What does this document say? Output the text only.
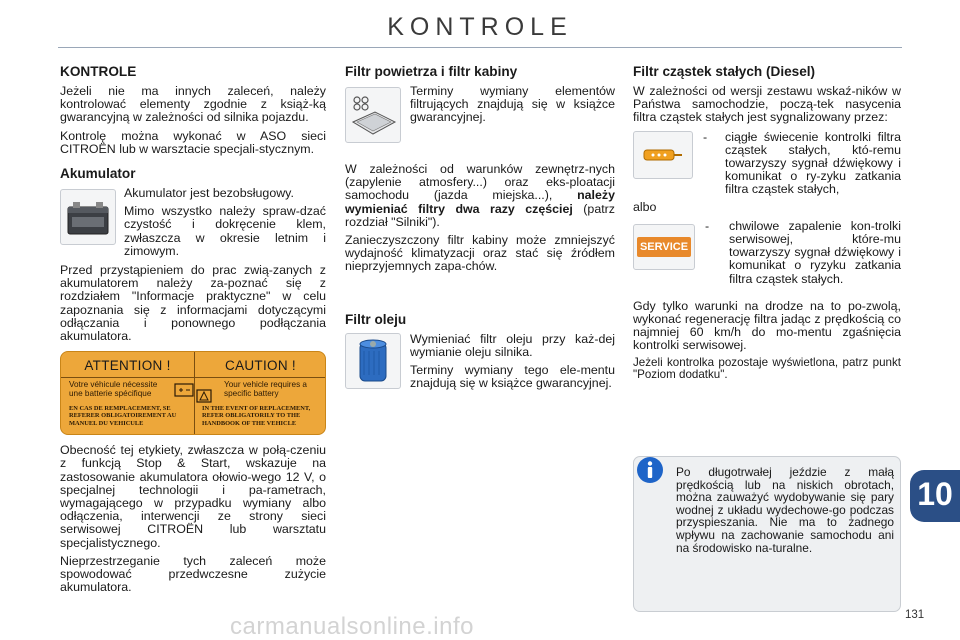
KONTROLE
KONTROLE

Jeżeli nie ma innych zaleceń, należy kontrolować elementy zgodnie z książ-ką gwarancyjną w zależności od silnika pojazdu.

Kontrolę można wykonać w ASO sieci CITROËN lub w warsztacie specjali-stycznym.

Akumulator

Akumulator jest bezobsługowy.

Mimo wszystko należy spraw-dzać czystość i dokręcenie klem, zwłaszcza w okresie letnim i zimowym.

Przed przystąpieniem do prac zwią-zanych z akumulatorem należy za-poznać się z rozdziałem "Informacje praktyczne" w celu zapoznania się z informacjami dotyczącymi odłączania i ponownego podłączania akumulatora.

ATTENTION !
Votre véhicule nécessite une batterie spécifique
EN CAS DE REMPLACEMENT, SE REFERER OBLIGATOIREMENT AU MANUEL DU VEHICULE
CAUTION !
Your vehicle requires a specific battery
IN THE EVENT OF REPLACEMENT, REFER OBLIGATORILY TO THE HANDBOOK OF THE VEHICLE

Obecność tej etykiety, zwłaszcza w połą-czeniu z funkcją Stop & Start, wskazuje na zastosowanie akumulatora ołowio-wego 12 V, o specjalnej technologii i pa-rametrach, wymagającego w przypadku wymiany albo odłączenia, interwencji ze strony sieci serwisowej CITROËN lub warsztatu specjalistycznego.

Nieprzestrzeganie tych zaleceń może spowodować przedwczesne zużycie akumulatora.

Filtr powietrza i filtr kabiny

Terminy wymiany elementów filtrujących znajdują się w książce gwarancyjnej.

W zależności od warunków zewnętrz-nych (zapylenie atmosfery...) oraz eks-ploatacji samochodu (jazda miejska...), należy wymieniać filtry dwa razy częściej (patrz rozdział "Silniki").

Zanieczyszczony filtr kabiny może zmniejszyć wydajność klimatyzacji oraz stać się źródłem nieprzyjemnych zapa-chów.

Filtr oleju

Wymieniać filtr oleju przy każ-dej wymianie oleju silnika.

Terminy wymiany tego ele-mentu znajdują się w książce gwarancyjnej.

Filtr cząstek stałych (Diesel)

W zależności od wersji zestawu wskaź-ników w Państwa samochodzie, począ-tek nasycenia filtra cząstek stałych jest sygnalizowany przez:

-	ciągłe świecenie kontrolki filtra cząstek stałych, któ-remu towarzyszy sygnał dźwiękowy i komunikat o ry-zyku zatkania filtra cząstek stałych,

albo

SERVICE
-	chwilowe zapalenie kon-trolki serwisowej, które-mu towarzyszy sygnał dźwiękowy i komunikat o ryzyku zatkania filtra cząstek stałych.

Gdy tylko warunki na drodze na to po-zwolą, wykonać regenerację filtra jadąc z prędkością co najmniej 60 km/h do mo-mentu zgaśnięcia kontrolki serwisowej.

Jeżeli kontrolka pozostaje wyświetlona, patrz punkt "Poziom dodatku".

Po długotrwałej jeździe z małą prędkością lub na niskich obrotach, można zauważyć wydobywanie się pary wodnej z układu wydechowe-go podczas przyspieszania. Nie ma to żadnego wpływu na zachowanie samochodu ani na środowisko na-turalne.
10
131
carmanualsonline.info
